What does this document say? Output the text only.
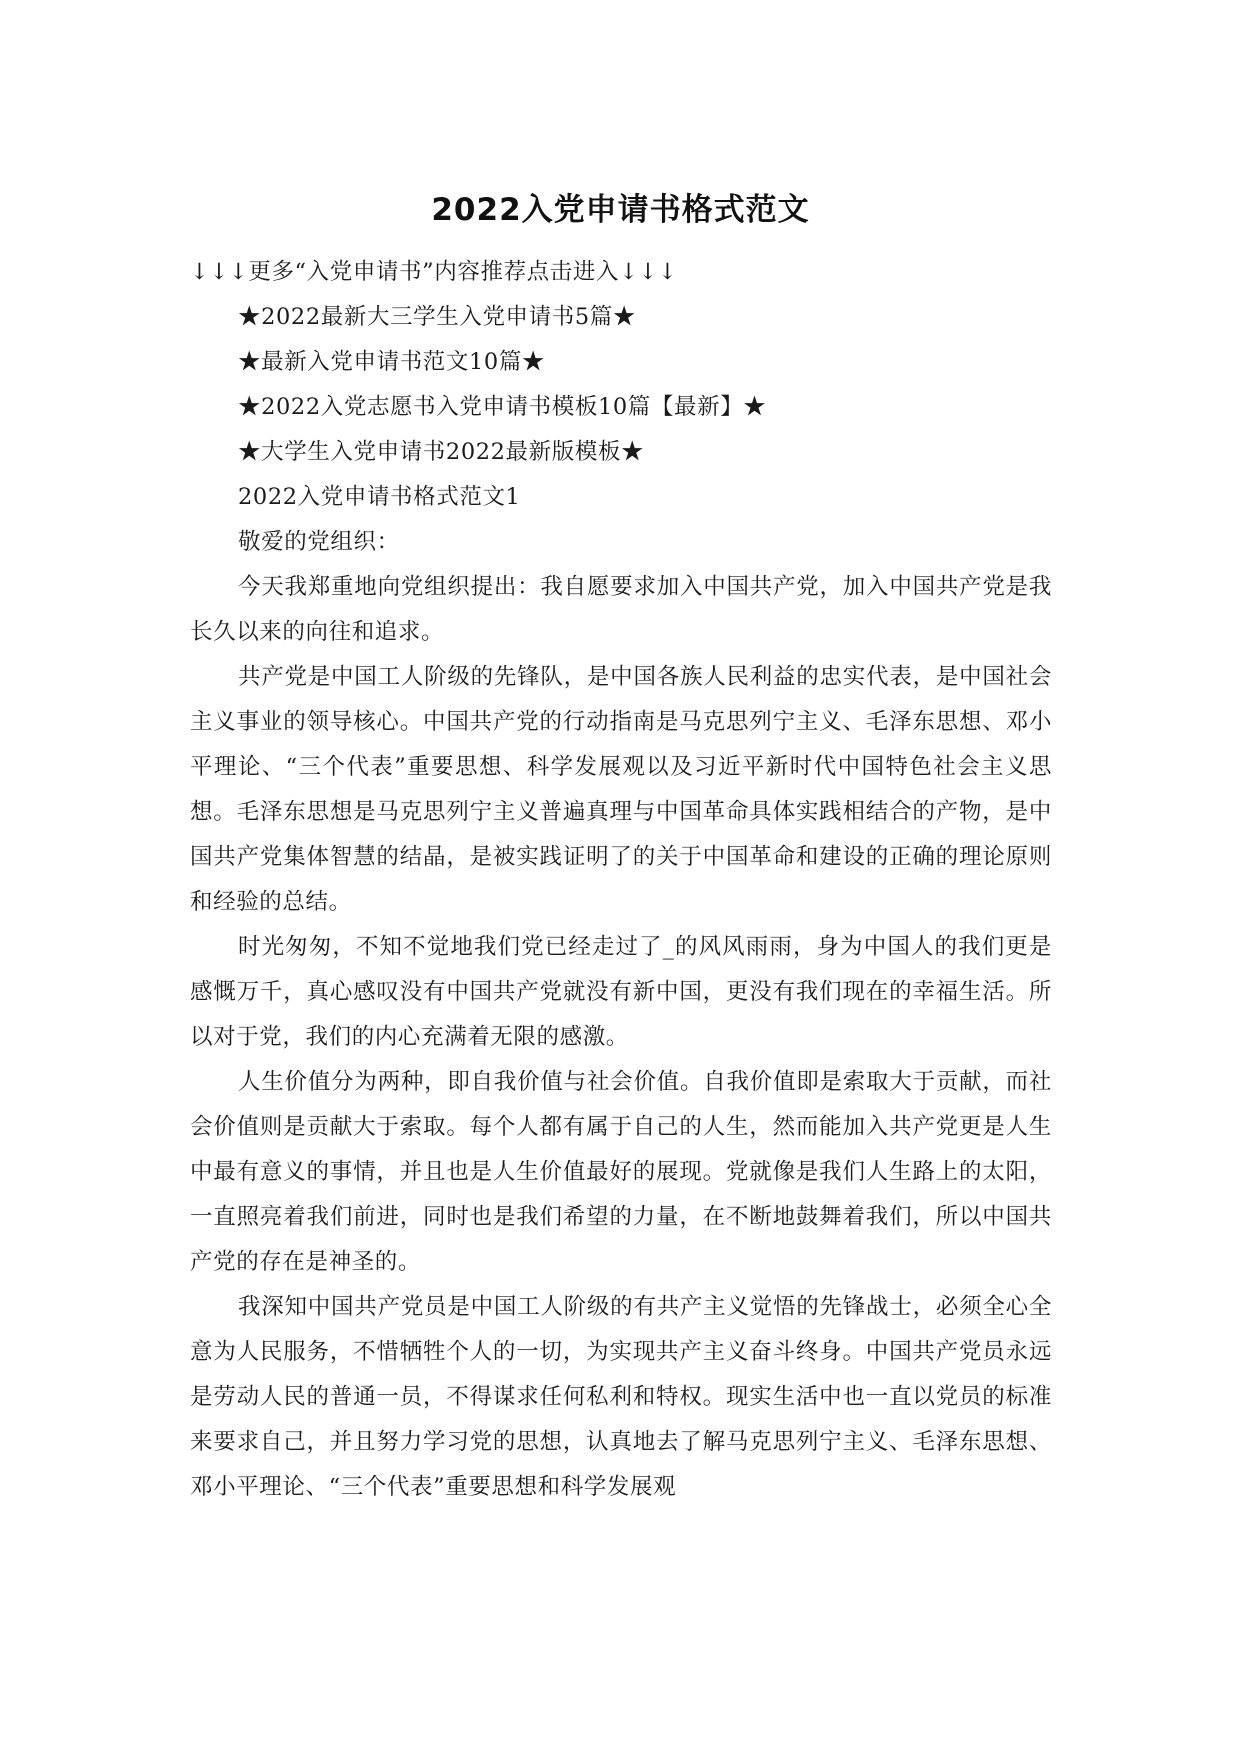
2022入党申请书格式范文
↓↓↓更多“入党申请书”内容推荐点击进入↓↓↓
★2022最新大三学生入党申请书5篇★
★最新入党申请书范文10篇★
★2022入党志愿书入党申请书模板10篇【最新】★
★大学生入党申请书2022最新版模板★
2022入党申请书格式范文1
敬爱的党组织：

今天我郑重地向党组织提出：我自愿要求加入中国共产党，加入中国共产党是我长久以来的向往和追求。

共产党是中国工人阶级的先锋队，是中国各族人民利益的忠实代表，是中国社会主义事业的领导核心。中国共产党的行动指南是马克思列宁主义、毛泽东思想、邓小平理论、“三个代表”重要思想、科学发展观以及习近平新时代中国特色社会主义思想。毛泽东思想是马克思列宁主义普遍真理与中国革命具体实践相结合的产物，是中国共产党集体智慧的结晶，是被实践证明了的关于中国革命和建设的正确的理论原则和经验的总结。

时光匆匆，不知不觉地我们党已经走过了_的风风雨雨，身为中国人的我们更是感慨万千，真心感叹没有中国共产党就没有新中国，更没有我们现在的幸福生活。所以对于党，我们的内心充满着无限的感激。

人生价值分为两种，即自我价值与社会价值。自我价值即是索取大于贡献，而社会价值则是贡献大于索取。每个人都有属于自己的人生，然而能加入共产党更是人生中最有意义的事情，并且也是人生价值最好的展现。党就像是我们人生路上的太阳，一直照亮着我们前进，同时也是我们希望的力量，在不断地鼓舞着我们，所以中国共产党的存在是神圣的。

我深知中国共产党员是中国工人阶级的有共产主义觉悟的先锋战士，必须全心全意为人民服务，不惜牺牲个人的一切，为实现共产主义奋斗终身。中国共产党员永远是劳动人民的普通一员，不得谋求任何私利和特权。现实生活中也一直以党员的标准来要求自己，并且努力学习党的思想，认真地去了解马克思列宁主义、毛泽东思想、邓小平理论、“三个代表”重要思想和科学发展观
